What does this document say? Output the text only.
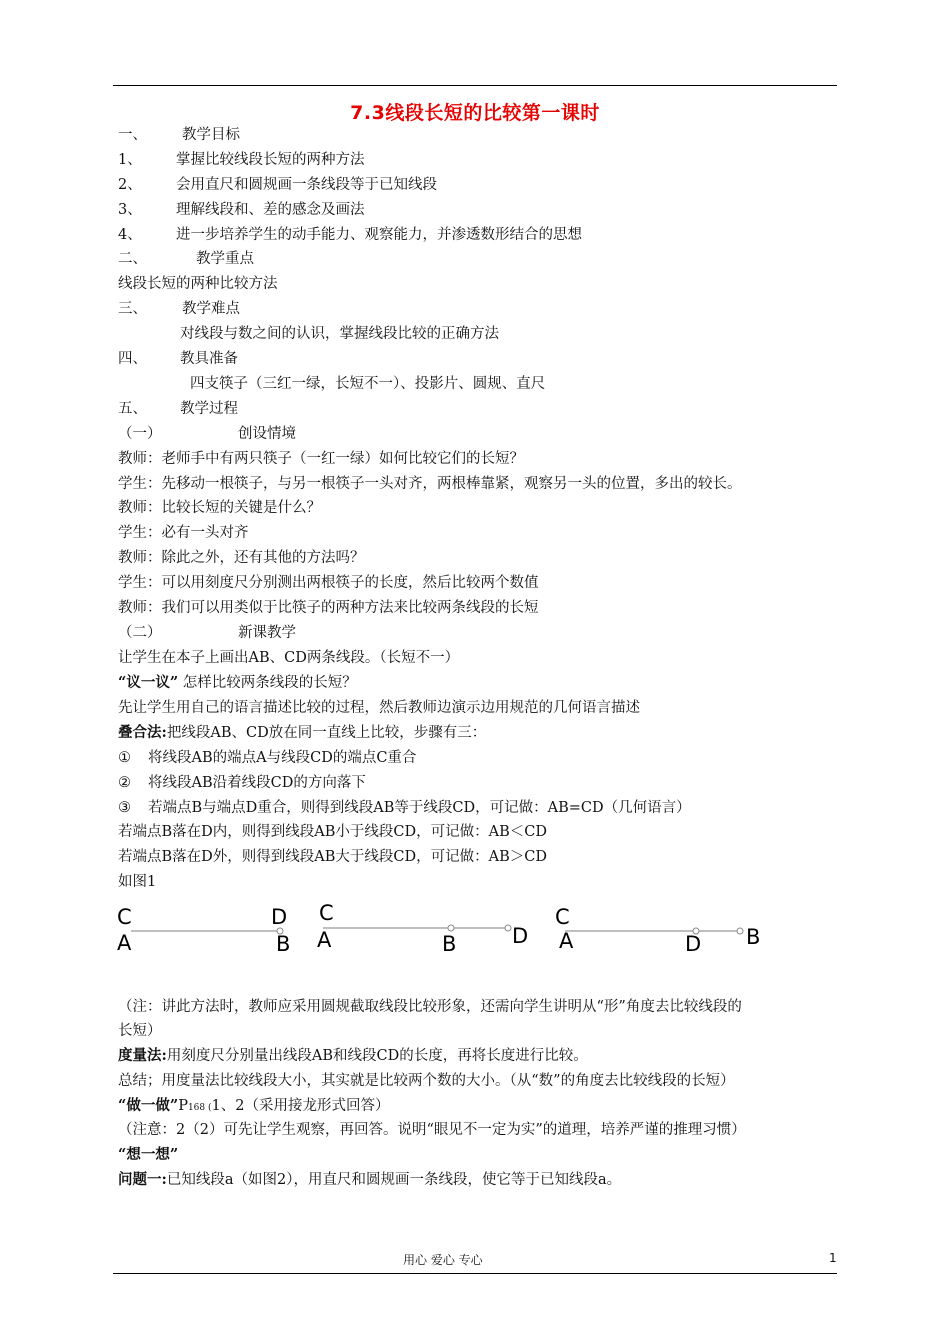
7.3线段长短的比较第一课时
一、 教学目标
1、 掌握比较线段长短的两种方法
2、 会用直尺和圆规画一条线段等于已知线段
3、 理解线段和、差的感念及画法
4、 进一步培养学生的动手能力、观察能力，并渗透数形结合的思想
二、	教学重点
线段长短的两种比较方法
三、 教学难点
对线段与数之间的认识，掌握线段比较的正确方法
四、 教具准备
四支筷子（三红一绿，长短不一）、投影片、圆规、直尺
五、 教学过程
（一）	创设情境
教师：老师手中有两只筷子（一红一绿）如何比较它们的长短？
学生：先移动一根筷子，与另一根筷子一头对齐，两根棒靠紧，观察另一头的位置，多出的较长。
教师：比较长短的关键是什么？
学生：必有一头对齐
教师：除此之外，还有其他的方法吗？
学生：可以用刻度尺分别测出两根筷子的长度，然后比较两个数值
教师：我们可以用类似于比筷子的两种方法来比较两条线段的长短
（二）	新课教学
让学生在本子上画出AB、CD两条线段。（长短不一）
“议一议” 怎样比较两条线段的长短？
先让学生用自己的语言描述比较的过程，然后教师边演示边用规范的几何语言描述
叠合法:把线段AB、CD放在同一直线上比较，步骤有三：
① 将线段AB的端点A与线段CD的端点C重合
② 将线段AB沿着线段CD的方向落下
③ 若端点B与端点D重合，则得到线段AB等于线段CD，可记做：AB=CD（几何语言）
若端点B落在D内，则得到线段AB小于线段CD，可记做：AB＜CD
若端点B落在D外，则得到线段AB大于线段CD，可记做：AB＞CD
如图1
C	D
A	B
C
A	B	D
C
A	D B
（注：讲此方法时，教师应采用圆规截取线段比较形象，还需向学生讲明从“形”角度去比较线段的
长短）
度量法:用刻度尺分别量出线段AB和线段CD的长度，再将长度进行比较。
总结；用度量法比较线段大小，其实就是比较两个数的大小。（从“数”的角度去比较线段的长短）
“做一做”P168 (1、2（采用接龙形式回答）
（注意：2（2）可先让学生观察，再回答。说明“眼见不一定为实”的道理，培养严谨的推理习惯）
“想一想”
问题一:已知线段a（如图2），用直尺和圆规画一条线段，使它等于已知线段a。
用心 爱心 专心	1
